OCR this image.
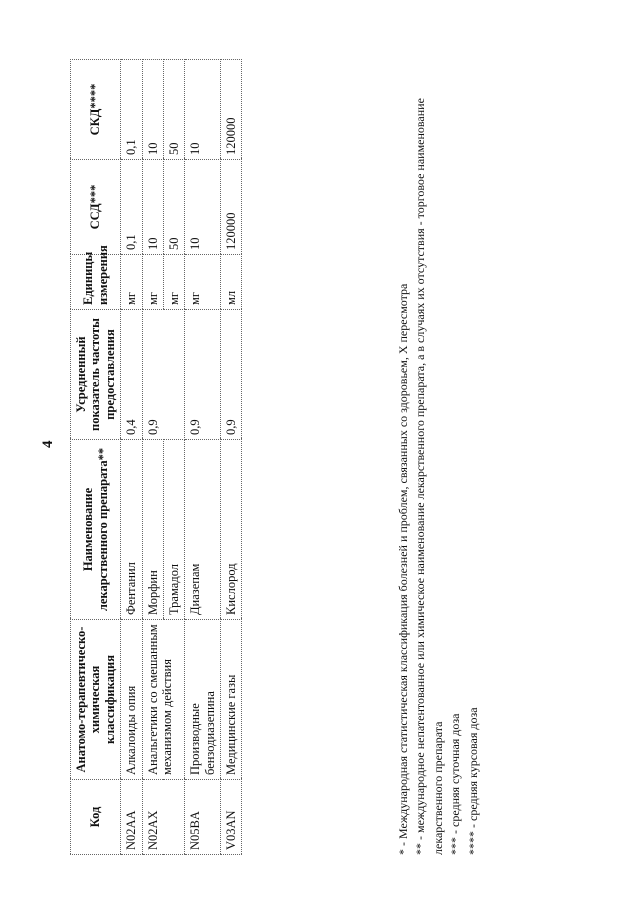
4
Код	Анатомо-терапевтическо-химическая классификация	Наименование лекарственного препарата**	Усредненный показатель частоты предоставления	Единицы измерения	ССД***	СКД****
N02AA	Алкалоиды опия	Фентанил	0,4	мг	0,1	0,1
N02AX	Анальгетики со смешанным механизмом действия	Морфин	0,9	мг	10	10
		Трамадол		мг	50	50
N05BA	Производные бензодиазепина	Диазепам	0,9	мг	10	10
V03AN	Медицинские газы	Кислород	0,9	мл	120000	120000

* - Международная статистическая классификация болезней и проблем, связанных со здоровьем, X пересмотра ** - международное непатентованное или химическое наименование лекарственного препарата, а в случаях их отсутствия - торговое наименование лекарственного препарата *** - средняя суточная доза **** - средняя курсовая доза
